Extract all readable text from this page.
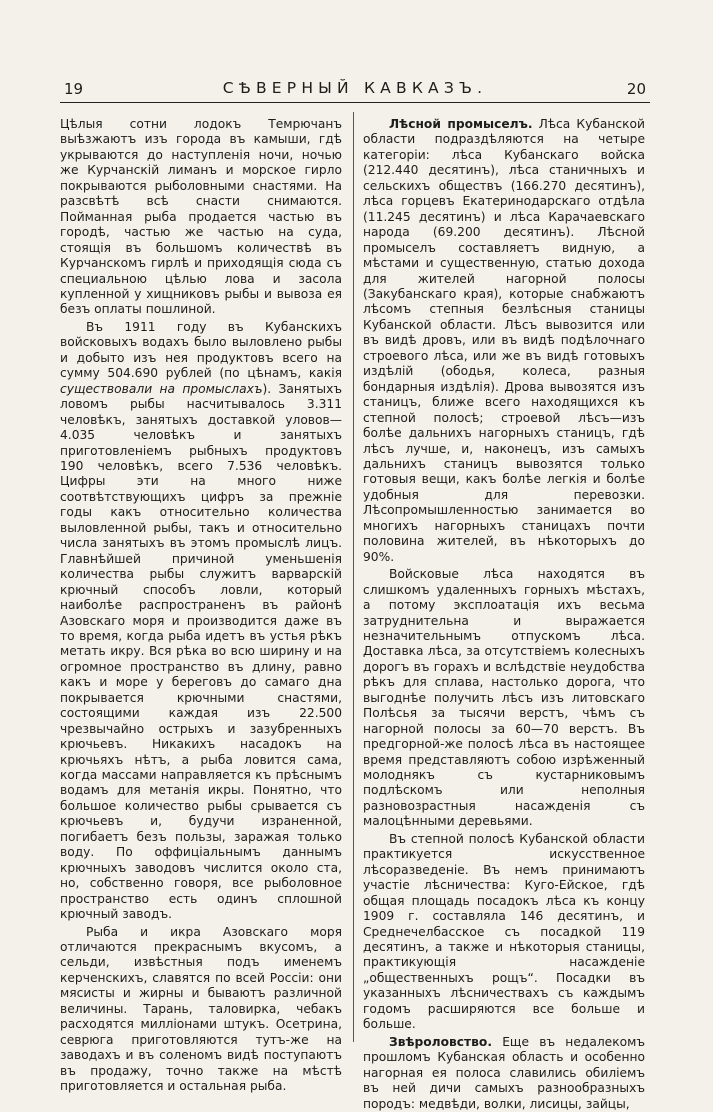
19	СѢВЕРНЫЙ КАВКАЗЪ.	20

Цѣлыя сотни лодокъ Темрючанъ выѣзжаютъ изъ города въ камыши, гдѣ укрываются до наступленія ночи, ночью же Курчанскій лиманъ и морское гирло покрываются рыболовными снастями. На разсвѣтѣ всѣ снасти снимаются. Пойманная рыба продается частью въ городѣ, частью же частью на суда, стоящія въ большомъ количествѣ въ Курчанскомъ гирлѣ и приходящія сюда съ специальною цѣлью лова и засола купленной у хищниковъ рыбы и вывоза ея безъ оплаты пошлиной.

Въ 1911 году въ Кубанскихъ войсковыхъ водахъ было выловлено рыбы и добыто изъ нея продуктовъ всего на сумму 504.690 рублей (по цѣнамъ, какія существовали на промыслахъ). Занятыхъ ловомъ рыбы насчитывалось 3.311 человѣкъ, занятыхъ доставкой уловов—4.035 человѣкъ и занятыхъ приготовленіемъ рыбныхъ продуктовъ 190 человѣкъ, всего 7.536 человѣкъ. Цифры эти на много ниже соотвѣтствующихъ цифръ за прежніе годы какъ относительно количества выловленной рыбы, такъ и относительно числа занятыхъ въ этомъ промыслѣ лицъ. Главнѣйшей причиной уменьшенія количества рыбы служитъ варварскій крючный способъ ловли, который наиболѣе распространенъ въ районѣ Азовскаго моря и производится даже въ то время, когда рыба идетъ въ устья рѣкъ метать икру. Вся рѣка во всю ширину и на огромное пространство въ длину, равно какъ и море у береговъ до самаго дна покрывается крючными снастями, состоящими каждая изъ 22.500 чрезвычайно острыхъ и зазубренныхъ крючьевъ. Никакихъ насадокъ на крючьяхъ нѣтъ, а рыба ловится сама, когда массами направляется къ прѣснымъ водамъ для метанія икры. Понятно, что большое количество рыбы срывается съ крючьевъ и, будучи израненной, погибаетъ безъ пользы, заражая только воду. По оффиціальнымъ даннымъ крючныхъ заводовъ числится около ста, но, собственно говоря, все рыболовное пространство есть одинъ сплошной крючный заводъ.

Рыба и икра Азовскаго моря отличаются прекраснымъ вкусомъ, а сельди, извѣстныя подъ именемъ керченскихъ, славятся по всей Россіи: они мясисты и жирны и бываютъ различной величины. Тарань, таловирка, чебакъ расходятся миллiонами штукъ. Осетрина, севрюга приготовляются тутъ-же на заводахъ и въ соленомъ видѣ поступаютъ въ продажу, точно также на мѣстѣ приготовляется и остальная рыба.

Лѣсной промыселъ. Лѣса Кубанской области подраздѣляются на четыре категоріи: лѣса Кубанскаго войска (212.440 десятинъ), лѣса станичныхъ и сельскихъ обществъ (166.270 десятинъ), лѣса горцевъ Екатеринодарскаго отдѣла (11.245 десятинъ) и лѣса Карачаевскаго народа (69.200 десятинъ). Лѣсной промыселъ составляетъ видную, а мѣстами и существенную, статью дохода для жителей нагорной полосы (Закубанскаго края), которые снабжаютъ лѣсомъ степныя безлѣсныя станицы Кубанской области. Лѣсъ вывозится или въ видѣ дровъ, или въ видѣ подѣлочнаго строевого лѣса, или же въ видѣ готовыхъ издѣлій (ободья, колеса, разныя бондарныя издѣлія). Дрова вывозятся изъ станицъ, ближе всего находящихся къ степной полосѣ; строевой лѣсъ—изъ болѣе дальнихъ нагорныхъ станицъ, гдѣ лѣсъ лучше, и, наконецъ, изъ самыхъ дальнихъ станицъ вывозятся только готовыя вещи, какъ болѣе легкія и болѣе удобныя для перевозки. Лѣсопромышленностью занимается во многихъ нагорныхъ станицахъ почти половина жителей, въ нѣкоторыхъ до 90%.

Войсковые лѣса находятся въ слишкомъ удаленныхъ горныхъ мѣстахъ, а потому эксплоатація ихъ весьма затруднительна и выражается незначительнымъ отпускомъ лѣса. Доставка лѣса, за отсутствіемъ колесныхъ дорогъ въ горахъ и вслѣдствіе неудобства рѣкъ для сплава, настолько дорога, что выгоднѣе получить лѣсъ изъ литовскаго Полѣсья за тысячи верстъ, чѣмъ съ нагорной полосы за 60—70 верстъ. Въ предгорной-же полосѣ лѣса въ настоящее время представляютъ собою изрѣженный молоднякъ съ кустарниковымъ подлѣскомъ или неполныя разновозрастныя насажденія съ малоцѣнными деревьями.

Въ степной полосѣ Кубанской области практикуется искусственное лѣсоразведеніе. Въ немъ принимаютъ участіе лѣсничества: Куго-Ейское, гдѣ общая площадь посадокъ лѣса къ концу 1909 г. составляла 146 десятинъ, и Среднечелбасское съ посадкой 119 десятинъ, а также и нѣкоторыя станицы, практикующія насажденіе „общественныхъ рощъ“. Посадки въ указанныхъ лѣсничествахъ съ каждымъ годомъ расширяются все больше и больше.

Звѣроловство. Еще въ недалекомъ прошломъ Кубанская область и особенно нагорная ея полоса славились обиліемъ въ ней дичи самыхъ разнообразныхъ породъ: медвѣди, волки, лисицы, зайцы,
